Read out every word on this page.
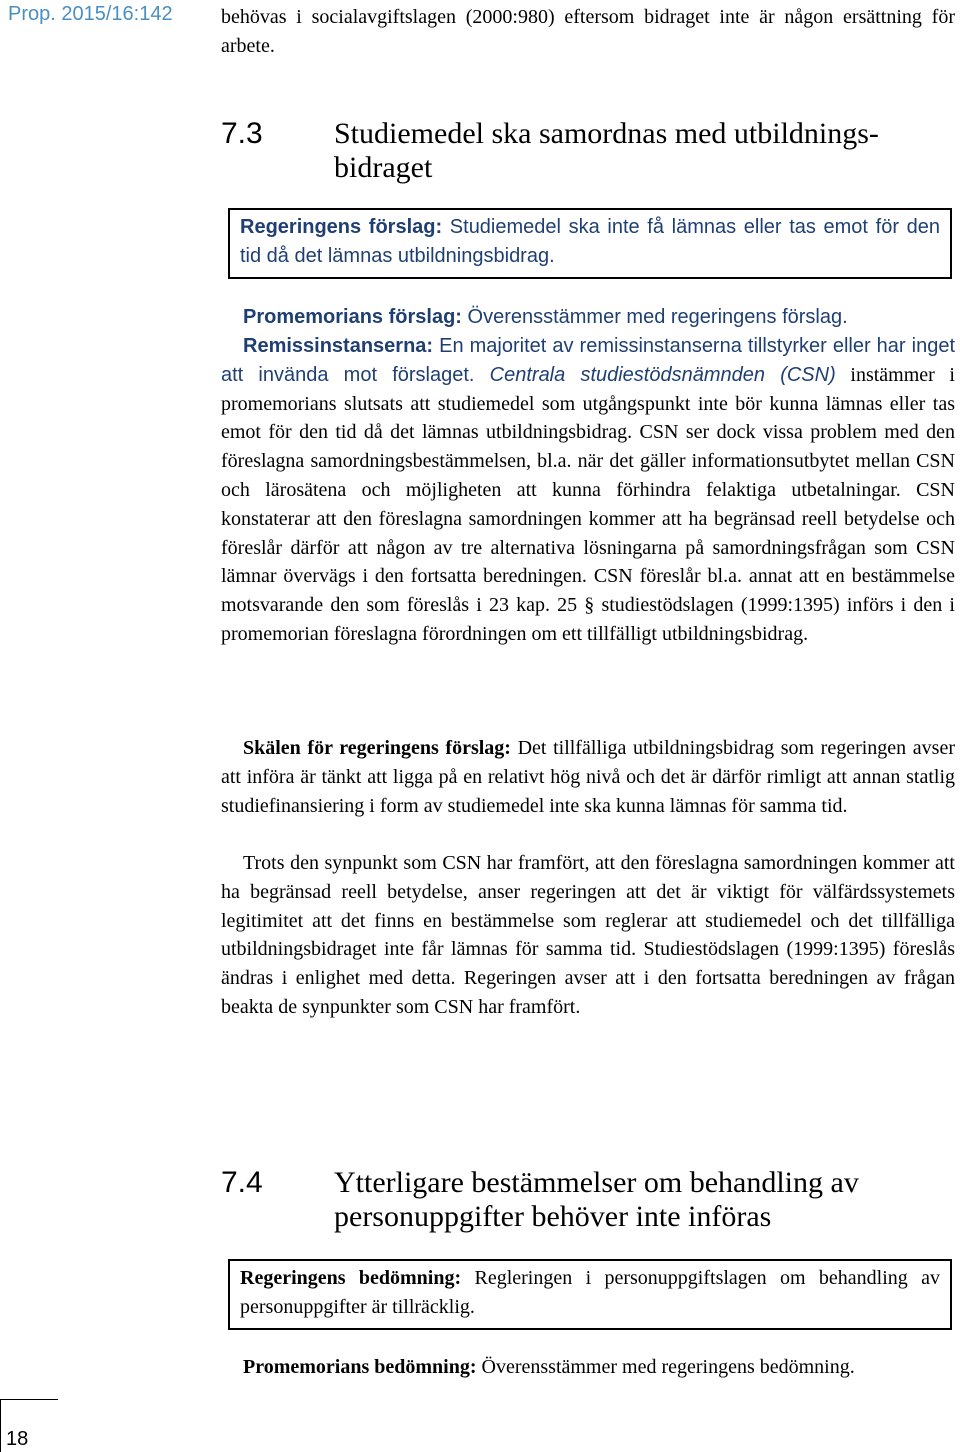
Prop. 2015/16:142 behövas i socialavgiftslagen (2000:980) eftersom bidraget inte är någon ersättning för arbete.
7.3 Studiemedel ska samordnas med utbildnings-bidraget
Regeringens förslag: Studiemedel ska inte få lämnas eller tas emot för den tid då det lämnas utbildningsbidrag.
Promemorians förslag: Överensstämmer med regeringens förslag.
Remissinstanserna: En majoritet av remissinstanserna tillstyrker eller har inget att invända mot förslaget. Centrala studiestödsnämnden (CSN) instämmer i promemorians slutsats att studiemedel som utgångspunkt inte bör kunna lämnas eller tas emot för den tid då det lämnas utbildningsbidrag. CSN ser dock vissa problem med den föreslagna samordningsbestämmelsen, bl.a. när det gäller informationsutbytet mellan CSN och lärosätena och möjligheten att kunna förhindra felaktiga utbetalningar. CSN konstaterar att den föreslagna samordningen kommer att ha begränsad reell betydelse och föreslår därför att någon av tre alternativa lösningarna på samordningsfrågan som CSN lämnar övervägs i den fortsatta beredningen. CSN föreslår bl.a. annat att en bestämmelse motsvarande den som föreslås i 23 kap. 25 § studiestödslagen (1999:1395) införs i den i promemorian föreslagna förordningen om ett tillfälligt utbildningsbidrag.
Skälen för regeringens förslag: Det tillfälliga utbildningsbidrag som regeringen avser att införa är tänkt att ligga på en relativt hög nivå och det är därför rimligt att annan statlig studiefinansiering i form av studiemedel inte ska kunna lämnas för samma tid.
Trots den synpunkt som CSN har framfört, att den föreslagna samordningen kommer att ha begränsad reell betydelse, anser regeringen att det är viktigt för välfärdssystemets legitimitet att det finns en bestämmelse som reglerar att studiemedel och det tillfälliga utbildningsbidraget inte får lämnas för samma tid. Studiestödslagen (1999:1395) föreslås ändras i enlighet med detta. Regeringen avser att i den fortsatta beredningen av frågan beakta de synpunkter som CSN har framfört.
7.4 Ytterligare bestämmelser om behandling av personuppgifter behöver inte införas
Regeringens bedömning: Regleringen i personuppgiftslagen om behandling av personuppgifter är tillräcklig.
Promemorians bedömning: Överensstämmer med regeringens bedömning.
18
